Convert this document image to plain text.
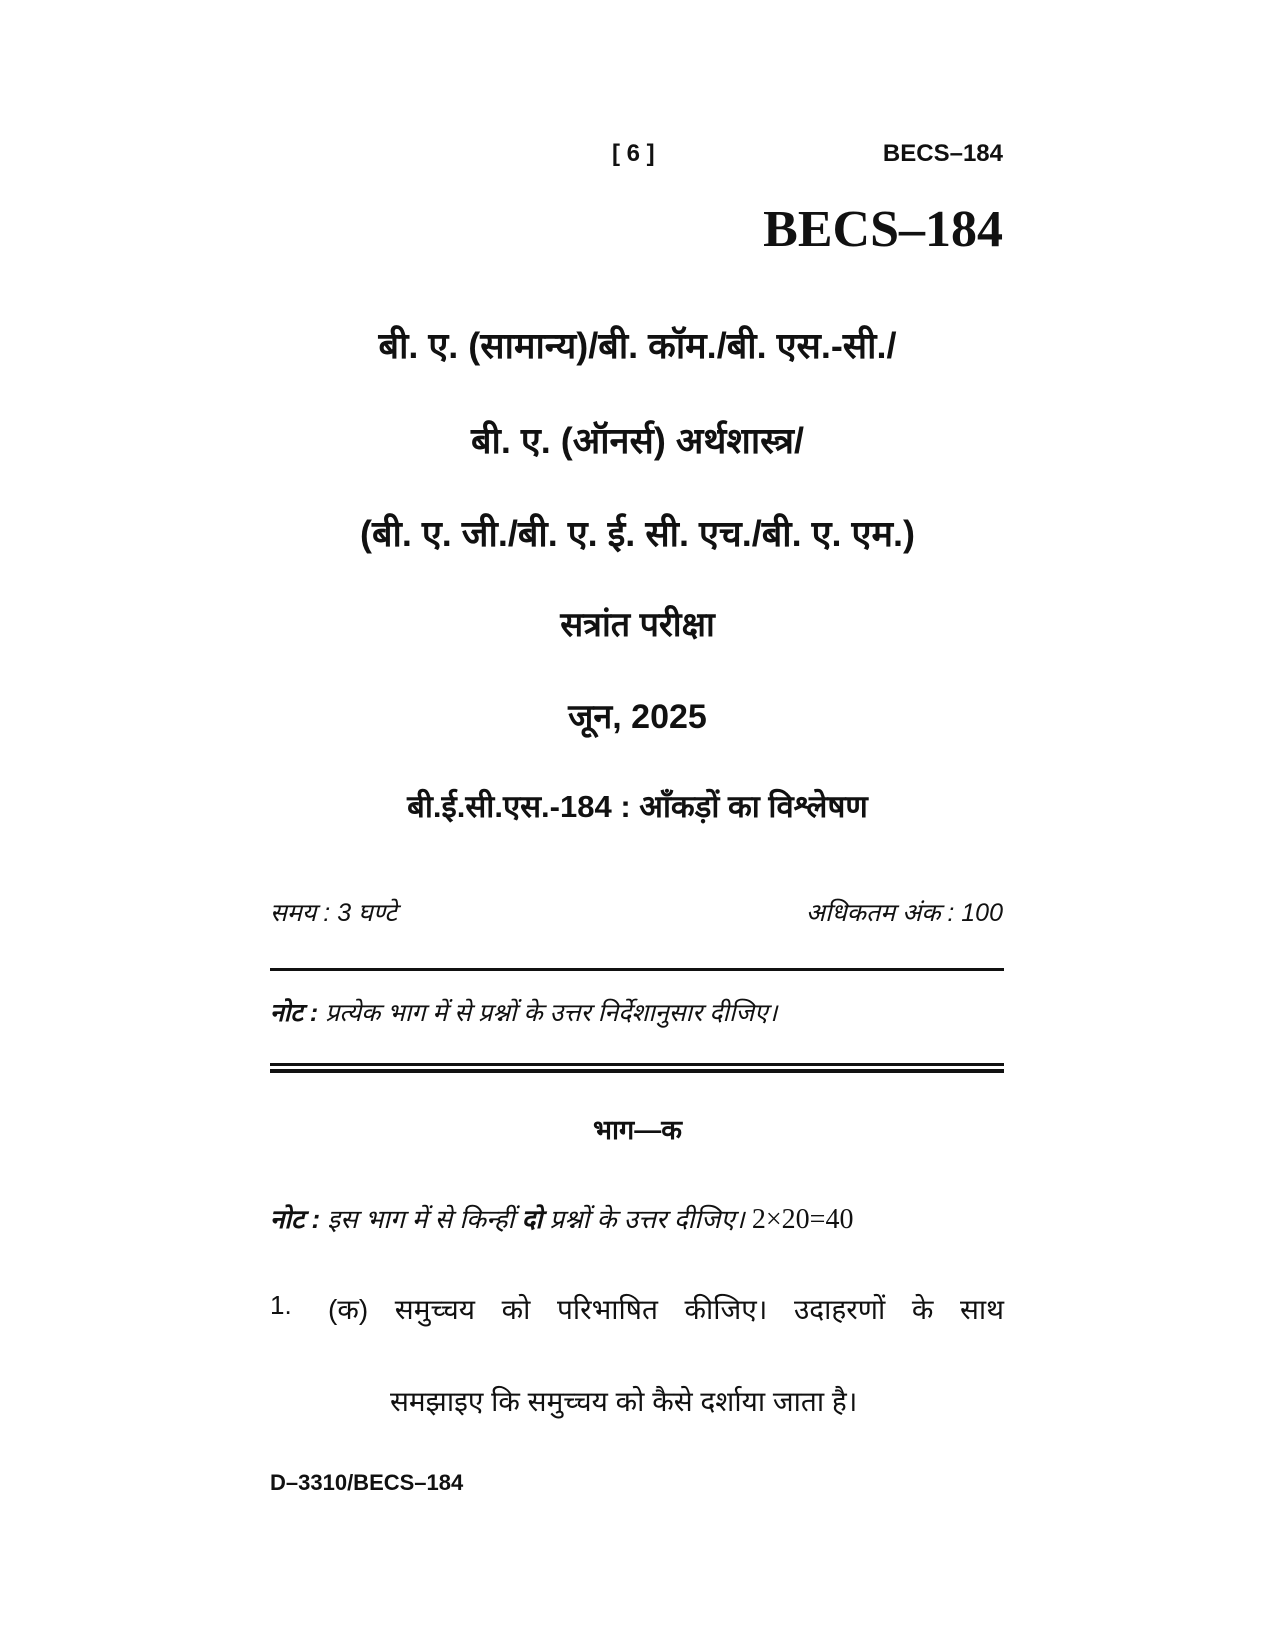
[ 6 ]	BECS–184
BECS–184
बी. ए. (सामान्य)/बी. कॉम./बी. एस.-सी./
बी. ए. (ऑनर्स) अर्थशास्त्र/
(बी. ए. जी./बी. ए. ई. सी. एच./बी. ए. एम.)
सत्रांत परीक्षा
जून, 2025
बी.ई.सी.एस.-184 : आँकड़ों का विश्लेषण
समय : 3 घण्टे	अधिकतम अंक : 100
नोट : प्रत्येक भाग में से प्रश्नों के उत्तर निर्देशानुसार दीजिए।
भाग—क
नोट : इस भाग में से किन्हीं दो प्रश्नों के उत्तर दीजिए। 2×20=40
1. (क) समुच्चय को परिभाषित कीजिए। उदाहरणों के साथ
समझाइए कि समुच्चय को कैसे दर्शाया जाता है।
D–3310/BECS–184
